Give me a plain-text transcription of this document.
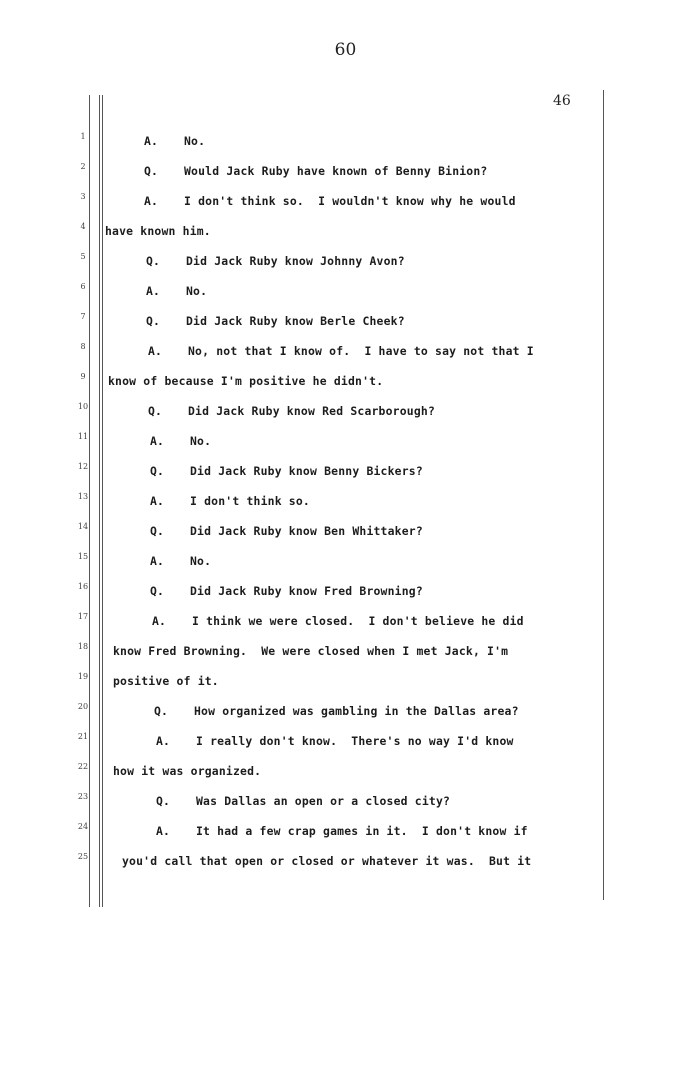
60
46
1
2
3
4
5
6
7
8
9
10
11
12
13
14
15
16
17
18
19
20
21
22
23
24
25
A. No.
Q. Would Jack Ruby have known of Benny Binion?
A. I don't think so.  I wouldn't know why he would
have known him.
Q. Did Jack Ruby know Johnny Avon?
A. No.
Q. Did Jack Ruby know Berle Cheek?
A. No, not that I know of.  I have to say not that I
know of because I'm positive he didn't.
Q. Did Jack Ruby know Red Scarborough?
A. No.
Q. Did Jack Ruby know Benny Bickers?
A. I don't think so.
Q. Did Jack Ruby know Ben Whittaker?
A. No.
Q. Did Jack Ruby know Fred Browning?
A. I think we were closed.  I don't believe he did
know Fred Browning.  We were closed when I met Jack, I'm
positive of it.
Q. How organized was gambling in the Dallas area?
A. I really don't know.  There's no way I'd know
how it was organized.
Q. Was Dallas an open or a closed city?
A. It had a few crap games in it.  I don't know if
you'd call that open or closed or whatever it was.  But it
